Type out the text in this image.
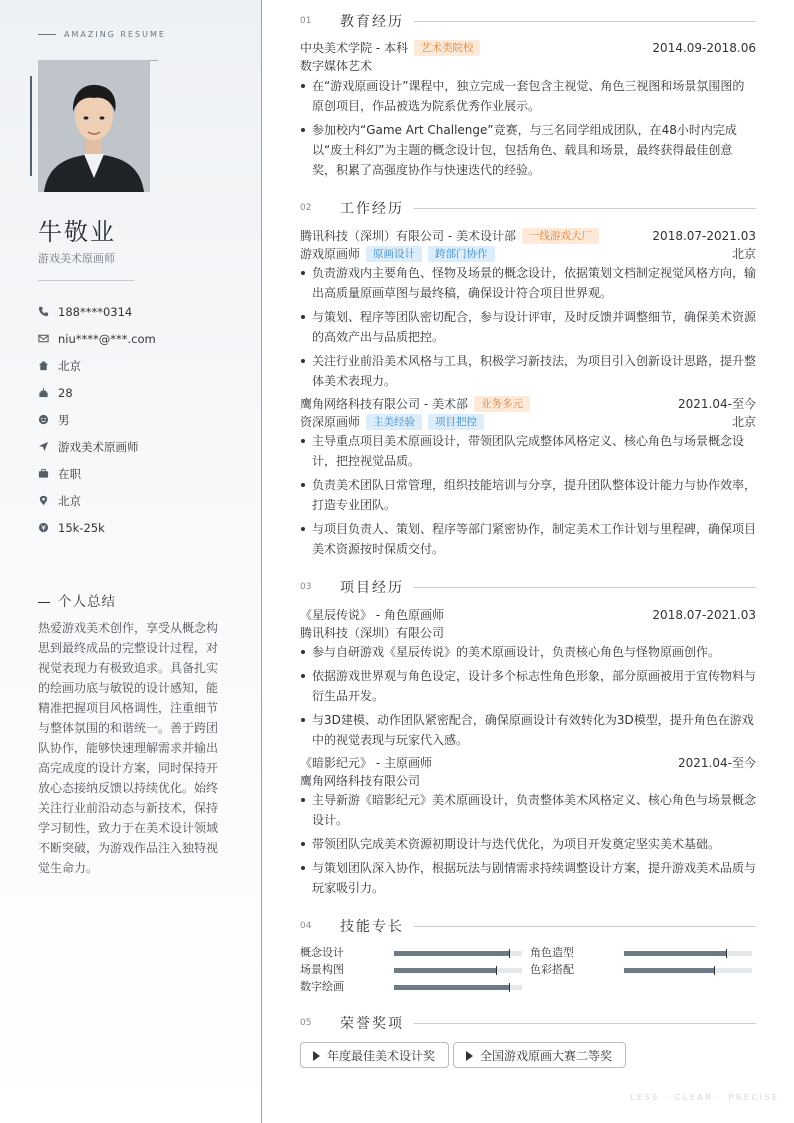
AMAZING RESUME
牛敬业
游戏美术原画师
188****0314
niu****@***.com
北京
28
男
游戏美术原画师
在职
北京
15k-25k
个人总结
热爱游戏美术创作，享受从概念构思到最终成品的完整设计过程，对视觉表现力有极致追求。具备扎实的绘画功底与敏锐的设计感知，能精准把握项目风格调性，注重细节与整体氛围的和谐统一。善于跨团队协作，能够快速理解需求并输出高完成度的设计方案，同时保持开放心态接纳反馈以持续优化。始终关注行业前沿动态与新技术，保持学习韧性，致力于在美术设计领域不断突破，为游戏作品注入独特视觉生命力。
01	教育经历
中央美术学院 - 本科 艺术类院校	2014.09-2018.06
数字媒体艺术
在“游戏原画设计”课程中，独立完成一套包含主视觉、角色三视图和场景氛围图的原创项目，作品被选为院系优秀作业展示。
参加校内“Game Art Challenge”竞赛，与三名同学组成团队，在48小时内完成以“废土科幻”为主题的概念设计包，包括角色、载具和场景，最终获得最佳创意奖，积累了高强度协作与快速迭代的经验。
02	工作经历
腾讯科技（深圳）有限公司 - 美术设计部 一线游戏大厂	2018.07-2021.03
游戏原画师 原画设计 跨部门协作	北京
负责游戏内主要角色、怪物及场景的概念设计，依据策划文档制定视觉风格方向，输出高质量原画草图与最终稿，确保设计符合项目世界观。
与策划、程序等团队密切配合，参与设计评审，及时反馈并调整细节，确保美术资源的高效产出与品质把控。
关注行业前沿美术风格与工具，积极学习新技法，为项目引入创新设计思路，提升整体美术表现力。
鹰角网络科技有限公司 - 美术部 业务多元	2021.04-至今
资深原画师 主美经验 项目把控	北京
主导重点项目美术原画设计，带领团队完成整体风格定义、核心角色与场景概念设计，把控视觉品质。
负责美术团队日常管理，组织技能培训与分享，提升团队整体设计能力与协作效率，打造专业团队。
与项目负责人、策划、程序等部门紧密协作，制定美术工作计划与里程碑，确保项目美术资源按时保质交付。
03	项目经历
《星辰传说》 - 角色原画师	2018.07-2021.03
腾讯科技（深圳）有限公司
参与自研游戏《星辰传说》的美术原画设计，负责核心角色与怪物原画创作。
依据游戏世界观与角色设定，设计多个标志性角色形象，部分原画被用于宣传物料与衍生品开发。
与3D建模、动作团队紧密配合，确保原画设计有效转化为3D模型，提升角色在游戏中的视觉表现与玩家代入感。
《暗影纪元》 - 主原画师	2021.04-至今
鹰角网络科技有限公司
主导新游《暗影纪元》美术原画设计，负责整体美术风格定义、核心角色与场景概念设计。
带领团队完成美术资源初期设计与迭代优化，为项目开发奠定坚实美术基础。
与策划团队深入协作，根据玩法与剧情需求持续调整设计方案，提升游戏美术品质与玩家吸引力。
04	技能专长
概念设计	角色造型
场景构图	色彩搭配
数字绘画
05	荣誉奖项
年度最佳美术设计奖	全国游戏原画大赛二等奖
LESS · CLEAR · PRECISE
